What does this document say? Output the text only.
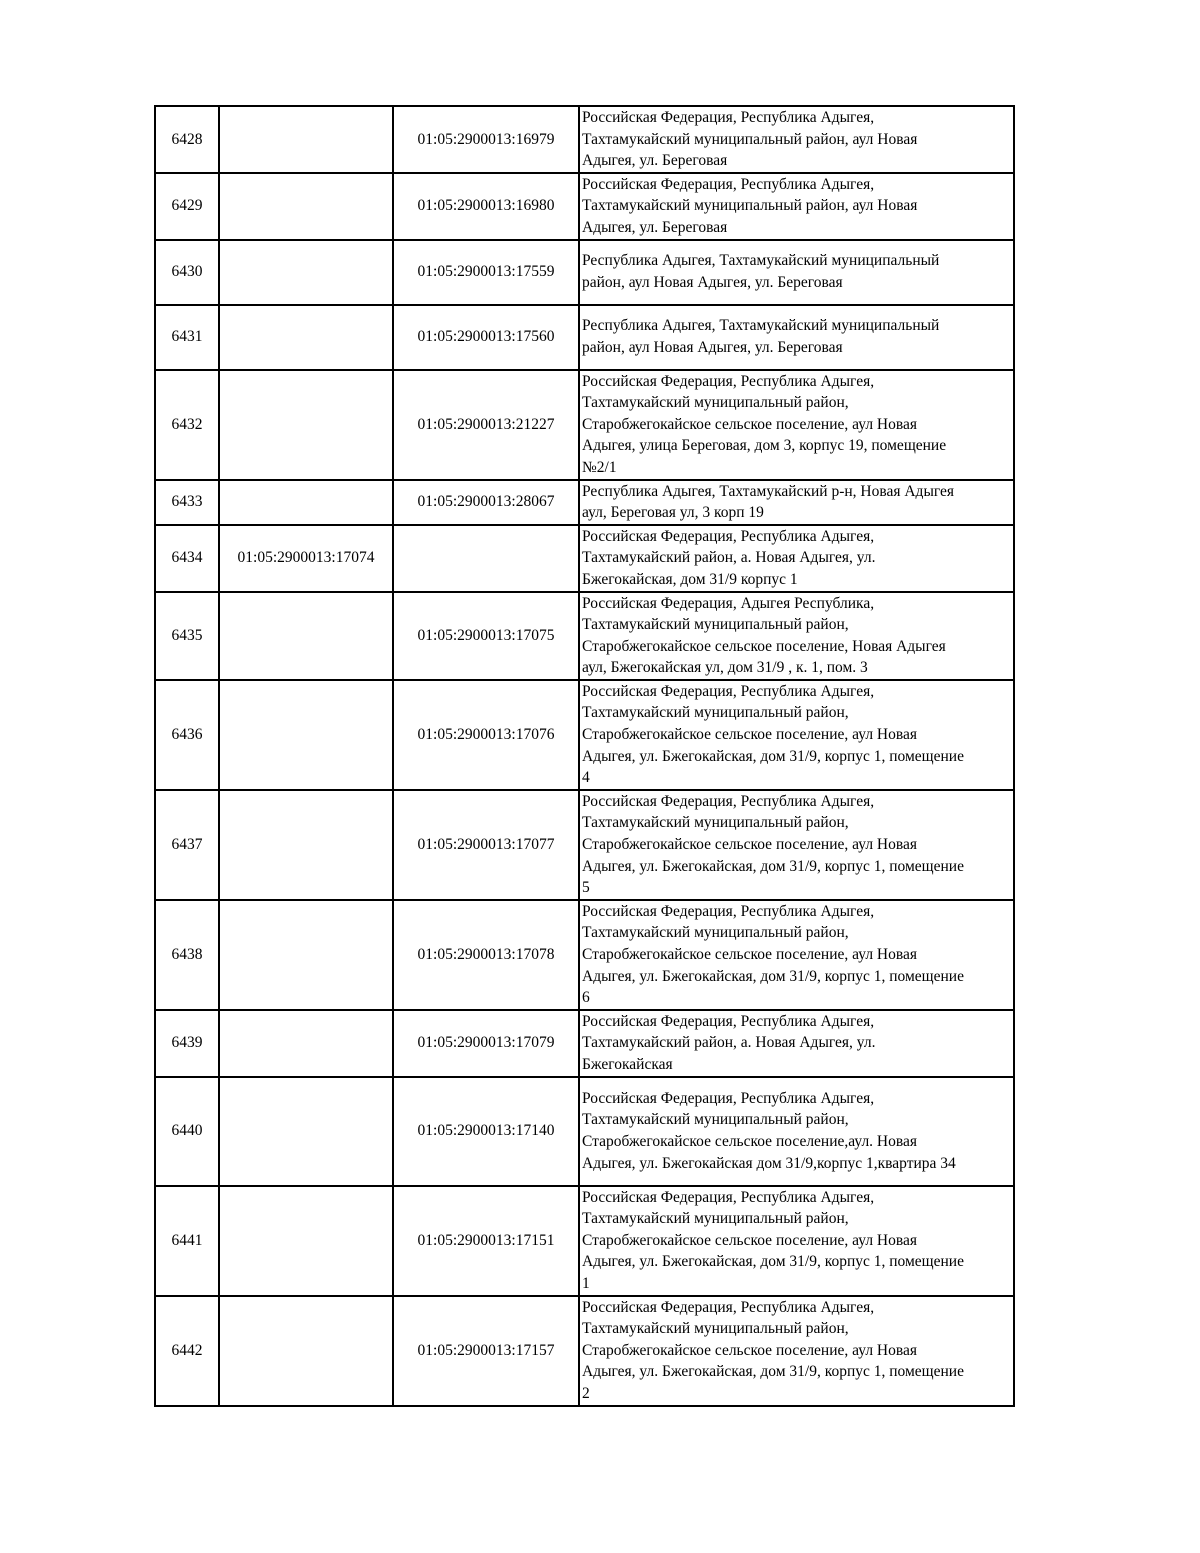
6428		01:05:2900013:16979	Российская Федерация, Республика Адыгея,
Тахтамукайский муниципальный район, аул Новая
Адыгея, ул. Береговая

6429		01:05:2900013:16980	Российская Федерация, Республика Адыгея,
Тахтамукайский муниципальный район, аул Новая
Адыгея, ул. Береговая

6430		01:05:2900013:17559	Республика Адыгея, Тахтамукайский муниципальный
район, аул Новая Адыгея, ул. Береговая

6431		01:05:2900013:17560	Республика Адыгея, Тахтамукайский муниципальный
район, аул Новая Адыгея, ул. Береговая

6432		01:05:2900013:21227	Российская Федерация, Республика Адыгея,
Тахтамукайский муниципальный район,
Старобжегокайское сельское поселение, аул Новая
Адыгея, улица Береговая, дом 3, корпус 19, помещение
№2/1

6433		01:05:2900013:28067	Республика Адыгея, Тахтамукайский р-н, Новая Адыгея
аул, Береговая ул, 3 корп 19

6434	01:05:2900013:17074		Российская Федерация, Республика Адыгея,
Тахтамукайский район, а. Новая Адыгея, ул.
Бжегокайская, дом 31/9 корпус 1

6435		01:05:2900013:17075	Российская Федерация, Адыгея Республика,
Тахтамукайский муниципальный район,
Старобжегокайское сельское поселение, Новая Адыгея
аул, Бжегокайская ул, дом 31/9 , к. 1, пом. 3

6436		01:05:2900013:17076	Российская Федерация, Республика Адыгея,
Тахтамукайский муниципальный район,
Старобжегокайское сельское поселение, аул Новая
Адыгея, ул. Бжегокайская, дом 31/9, корпус 1, помещение
4

6437		01:05:2900013:17077	Российская Федерация, Республика Адыгея,
Тахтамукайский муниципальный район,
Старобжегокайское сельское поселение, аул Новая
Адыгея, ул. Бжегокайская, дом 31/9, корпус 1, помещение
5

6438		01:05:2900013:17078	Российская Федерация, Республика Адыгея,
Тахтамукайский муниципальный район,
Старобжегокайское сельское поселение, аул Новая
Адыгея, ул. Бжегокайская, дом 31/9, корпус 1, помещение
6

6439		01:05:2900013:17079	Российская Федерация, Республика Адыгея,
Тахтамукайский район, а. Новая Адыгея, ул.
Бжегокайская

6440		01:05:2900013:17140	Российская Федерация, Республика Адыгея,
Тахтамукайский муниципальный район,
Старобжегокайское сельское поселение,аул. Новая
Адыгея, ул. Бжегокайская дом 31/9,корпус 1,квартира 34

6441		01:05:2900013:17151	Российская Федерация, Республика Адыгея,
Тахтамукайский муниципальный район,
Старобжегокайское сельское поселение, аул Новая
Адыгея, ул. Бжегокайская, дом 31/9, корпус 1, помещение
1

6442		01:05:2900013:17157	Российская Федерация, Республика Адыгея,
Тахтамукайский муниципальный район,
Старобжегокайское сельское поселение, аул Новая
Адыгея, ул. Бжегокайская, дом 31/9, корпус 1, помещение
2
